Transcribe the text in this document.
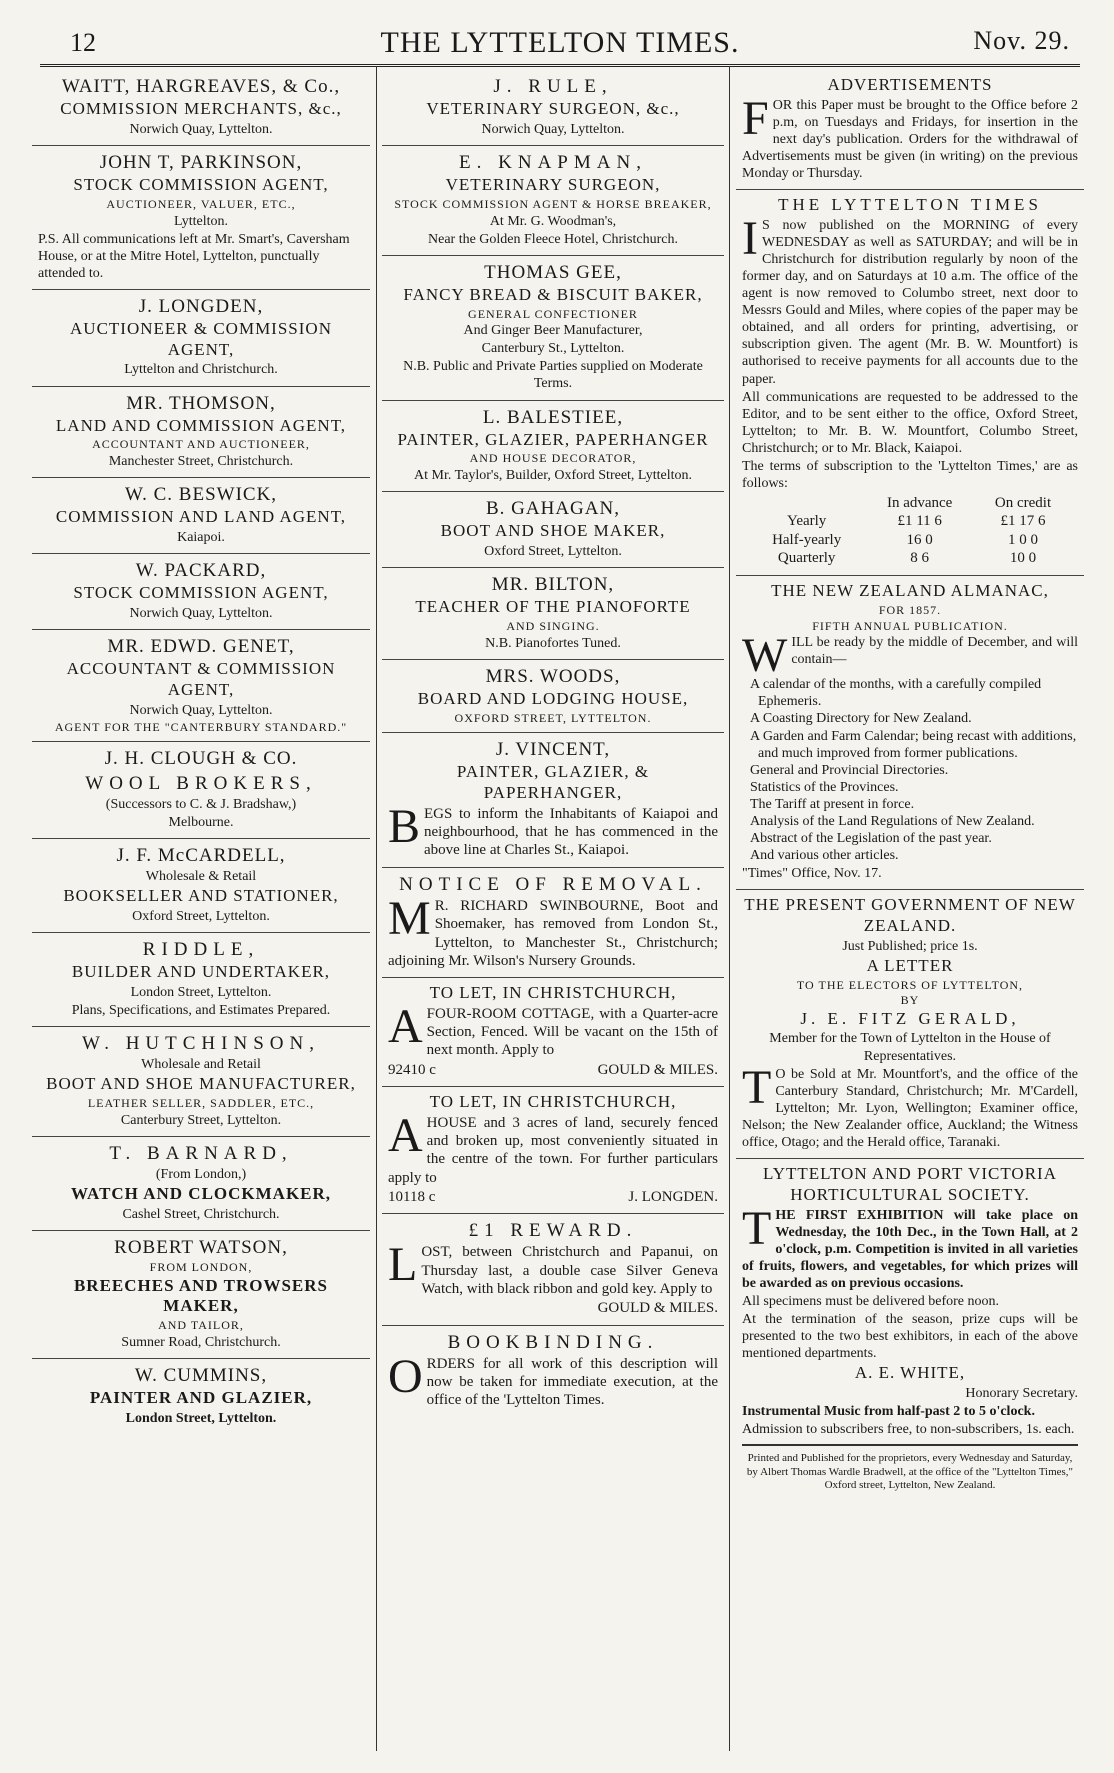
12	THE LYTTELTON TIMES.	Nov. 29.
WAITT, HARGREAVES, & Co.,
COMMISSION MERCHANTS, &c.,
Norwich Quay, Lyttelton.
JOHN T, PARKINSON,
STOCK COMMISSION AGENT,
AUCTIONEER, VALUER, ETC.,
Lyttelton.
P.S. All communications left at Mr. Smart's, Caversham House, or at the Mitre Hotel, Lyttelton, punctually attended to.
J. LONGDEN,
AUCTIONEER & COMMISSION AGENT,
Lyttelton and Christchurch.
MR. THOMSON,
LAND AND COMMISSION AGENT,
ACCOUNTANT AND AUCTIONEER,
Manchester Street, Christchurch.
W. C. BESWICK,
COMMISSION AND LAND AGENT,
Kaiapoi.
W. PACKARD,
STOCK COMMISSION AGENT,
Norwich Quay, Lyttelton.
MR. EDWD. GENET,
ACCOUNTANT & COMMISSION AGENT,
Norwich Quay, Lyttelton.
AGENT FOR THE "CANTERBURY STANDARD."
J. H. CLOUGH & CO.
WOOL BROKERS,
(Successors to C. & J. Bradshaw,)
Melbourne.
J. F. McCARDELL,
Wholesale & Retail
BOOKSELLER AND STATIONER,
Oxford Street, Lyttelton.
RIDDLE,
BUILDER AND UNDERTAKER,
London Street, Lyttelton.
Plans, Specifications, and Estimates Prepared.
W. HUTCHINSON,
Wholesale and Retail
BOOT AND SHOE MANUFACTURER,
LEATHER SELLER, SADDLER, ETC.,
Canterbury Street, Lyttelton.
T. BARNARD,
(From London,)
WATCH AND CLOCKMAKER,
Cashel Street, Christchurch.
ROBERT WATSON,
FROM LONDON,
BREECHES AND TROWSERS MAKER,
AND TAILOR,
Sumner Road, Christchurch.
W. CUMMINS,
PAINTER AND GLAZIER,
London Street, Lyttelton.
J. RULE,
VETERINARY SURGEON, &c.,
Norwich Quay, Lyttelton.
E. KNAPMAN,
VETERINARY SURGEON,
STOCK COMMISSION AGENT & HORSE BREAKER,
At Mr. G. Woodman's,
Near the Golden Fleece Hotel, Christchurch.
THOMAS GEE,
FANCY BREAD & BISCUIT BAKER,
GENERAL CONFECTIONER
And Ginger Beer Manufacturer,
Canterbury St., Lyttelton.
N.B. Public and Private Parties supplied on Moderate Terms.
L. BALESTIEE,
PAINTER, GLAZIER, PAPERHANGER
AND HOUSE DECORATOR,
At Mr. Taylor's, Builder, Oxford Street, Lyttelton.
B. GAHAGAN,
BOOT AND SHOE MAKER,
Oxford Street, Lyttelton.
MR. BILTON,
TEACHER OF THE PIANOFORTE
AND SINGING.
N.B. Pianofortes Tuned.
MRS. WOODS,
BOARD AND LODGING HOUSE,
OXFORD STREET, LYTTELTON.
J. VINCENT,
PAINTER, GLAZIER, & PAPERHANGER,
B EGS to inform the Inhabitants of Kaiapoi and neighbourhood, that he has commenced in the above line at Charles St., Kaiapoi.
NOTICE OF REMOVAL.
M R. RICHARD SWINBOURNE, Boot and Shoemaker, has removed from London St., Lyttelton, to Manchester St., Christchurch; adjoining Mr. Wilson's Nursery Grounds.
TO LET, IN CHRISTCHURCH,
A FOUR-ROOM COTTAGE, with a Quarter-acre Section, Fenced. Will be vacant on the 15th of next month. Apply to
92410 c	GOULD & MILES.
TO LET, IN CHRISTCHURCH,
A HOUSE and 3 acres of land, securely fenced and broken up, most conveniently situated in the centre of the town. For further particulars apply to
10118 c	J. LONGDEN.
£1 REWARD.
L OST, between Christchurch and Papanui, on Thursday last, a double case Silver Geneva Watch, with black ribbon and gold key. Apply to
GOULD & MILES.
BOOKBINDING.
O RDERS for all work of this description will now be taken for immediate execution, at the office of the 'Lyttelton Times.
ADVERTISEMENTS
F OR this Paper must be brought to the Office before 2 p.m, on Tuesdays and Fridays, for insertion in the next day's publication. Orders for the withdrawal of Advertisements must be given (in writing) on the previous Monday or Thursday.
THE LYTTELTON TIMES
I S now published on the MORNING of every WEDNESDAY as well as SATURDAY; and will be in Christchurch for distribution regularly by noon of the former day, and on Saturdays at 10 a.m. The office of the agent is now removed to Columbo street, next door to Messrs Gould and Miles, where copies of the paper may be obtained, and all orders for printing, advertising, or subscription given. The agent (Mr. B. W. Mountfort) is authorised to receive payments for all accounts due to the paper.
All communications are requested to be addressed to the Editor, and to be sent either to the office, Oxford Street, Lyttelton; to Mr. B. W. Mountfort, Columbo Street, Christchurch; or to Mr. Black, Kaiapoi.
The terms of subscription to the 'Lyttelton Times,' are as follows:
	In advance	On credit
Yearly	£1 11 6	£1 17 6
Half-yearly	16 0	1 0 0
Quarterly	8 6	10 0
THE NEW ZEALAND ALMANAC,
FOR 1857.
FIFTH ANNUAL PUBLICATION.
W ILL be ready by the middle of December, and will contain—
A calendar of the months, with a carefully compiled Ephemeris.
A Coasting Directory for New Zealand.
A Garden and Farm Calendar; being recast with additions, and much improved from former publications.
General and Provincial Directories.
Statistics of the Provinces.
The Tariff at present in force.
Analysis of the Land Regulations of New Zealand.
Abstract of the Legislation of the past year.
And various other articles.
"Times" Office, Nov. 17.
THE PRESENT GOVERNMENT OF NEW ZEALAND.
Just Published; price 1s.
A LETTER
TO THE ELECTORS OF LYTTELTON,
BY
J. E. FITZ GERALD,
Member for the Town of Lyttelton in the House of Representatives.
T O be Sold at Mr. Mountfort's, and the office of the Canterbury Standard, Christchurch; Mr. M'Cardell, Lyttelton; Mr. Lyon, Wellington; Examiner office, Nelson; the New Zealander office, Auckland; the Witness office, Otago; and the Herald office, Taranaki.
LYTTELTON AND PORT VICTORIA HORTICULTURAL SOCIETY.
T HE FIRST EXHIBITION will take place on Wednesday, the 10th Dec., in the Town Hall, at 2 o'clock, p.m. Competition is invited in all varieties of fruits, flowers, and vegetables, for which prizes will be awarded as on previous occasions.
All specimens must be delivered before noon.
At the termination of the season, prize cups will be presented to the two best exhibitors, in each of the above mentioned departments.
A. E. WHITE,
Honorary Secretary.
Instrumental Music from half-past 2 to 5 o'clock.
Admission to subscribers free, to non-subscribers, 1s. each.
Printed and Published for the proprietors, every Wednesday and Saturday, by Albert Thomas Wardle Bradwell, at the office of the "Lyttelton Times," Oxford street, Lyttelton, New Zealand.
